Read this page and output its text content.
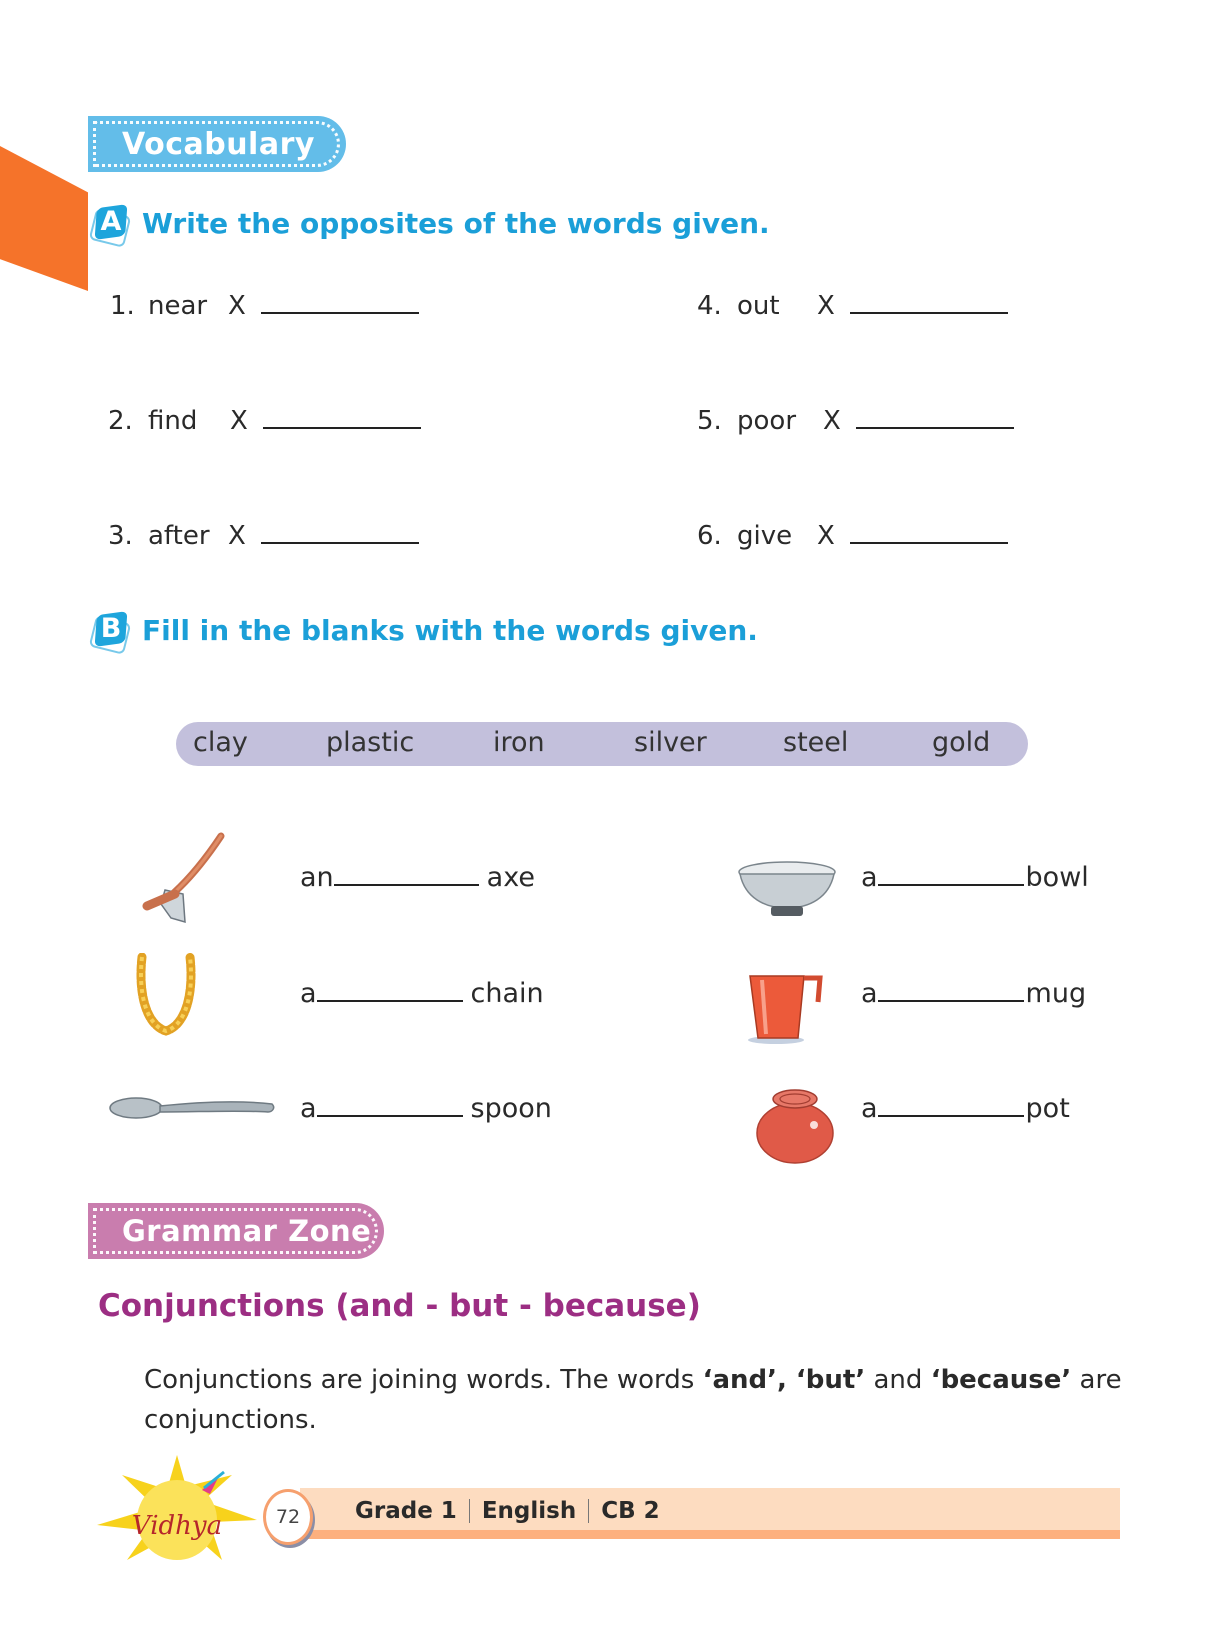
Vocabulary
A Write the opposites of the words given.
1. near X
2. find	X
3. after X
4. out	X
5. poor	X
6. give X
B Fill in the blanks with the words given.
clay	plastic	iron	silver	steel	gold
an	axe
a	chain
a	spoon
a	bowl
a	mug
a	pot
Grammar Zone
Conjunctions (and - but - because)
Conjunctions are joining words. The words ‘and’, ‘but’ and ‘because’ are conjunctions.
Vidhya	72 Grade 1 English CB 2
